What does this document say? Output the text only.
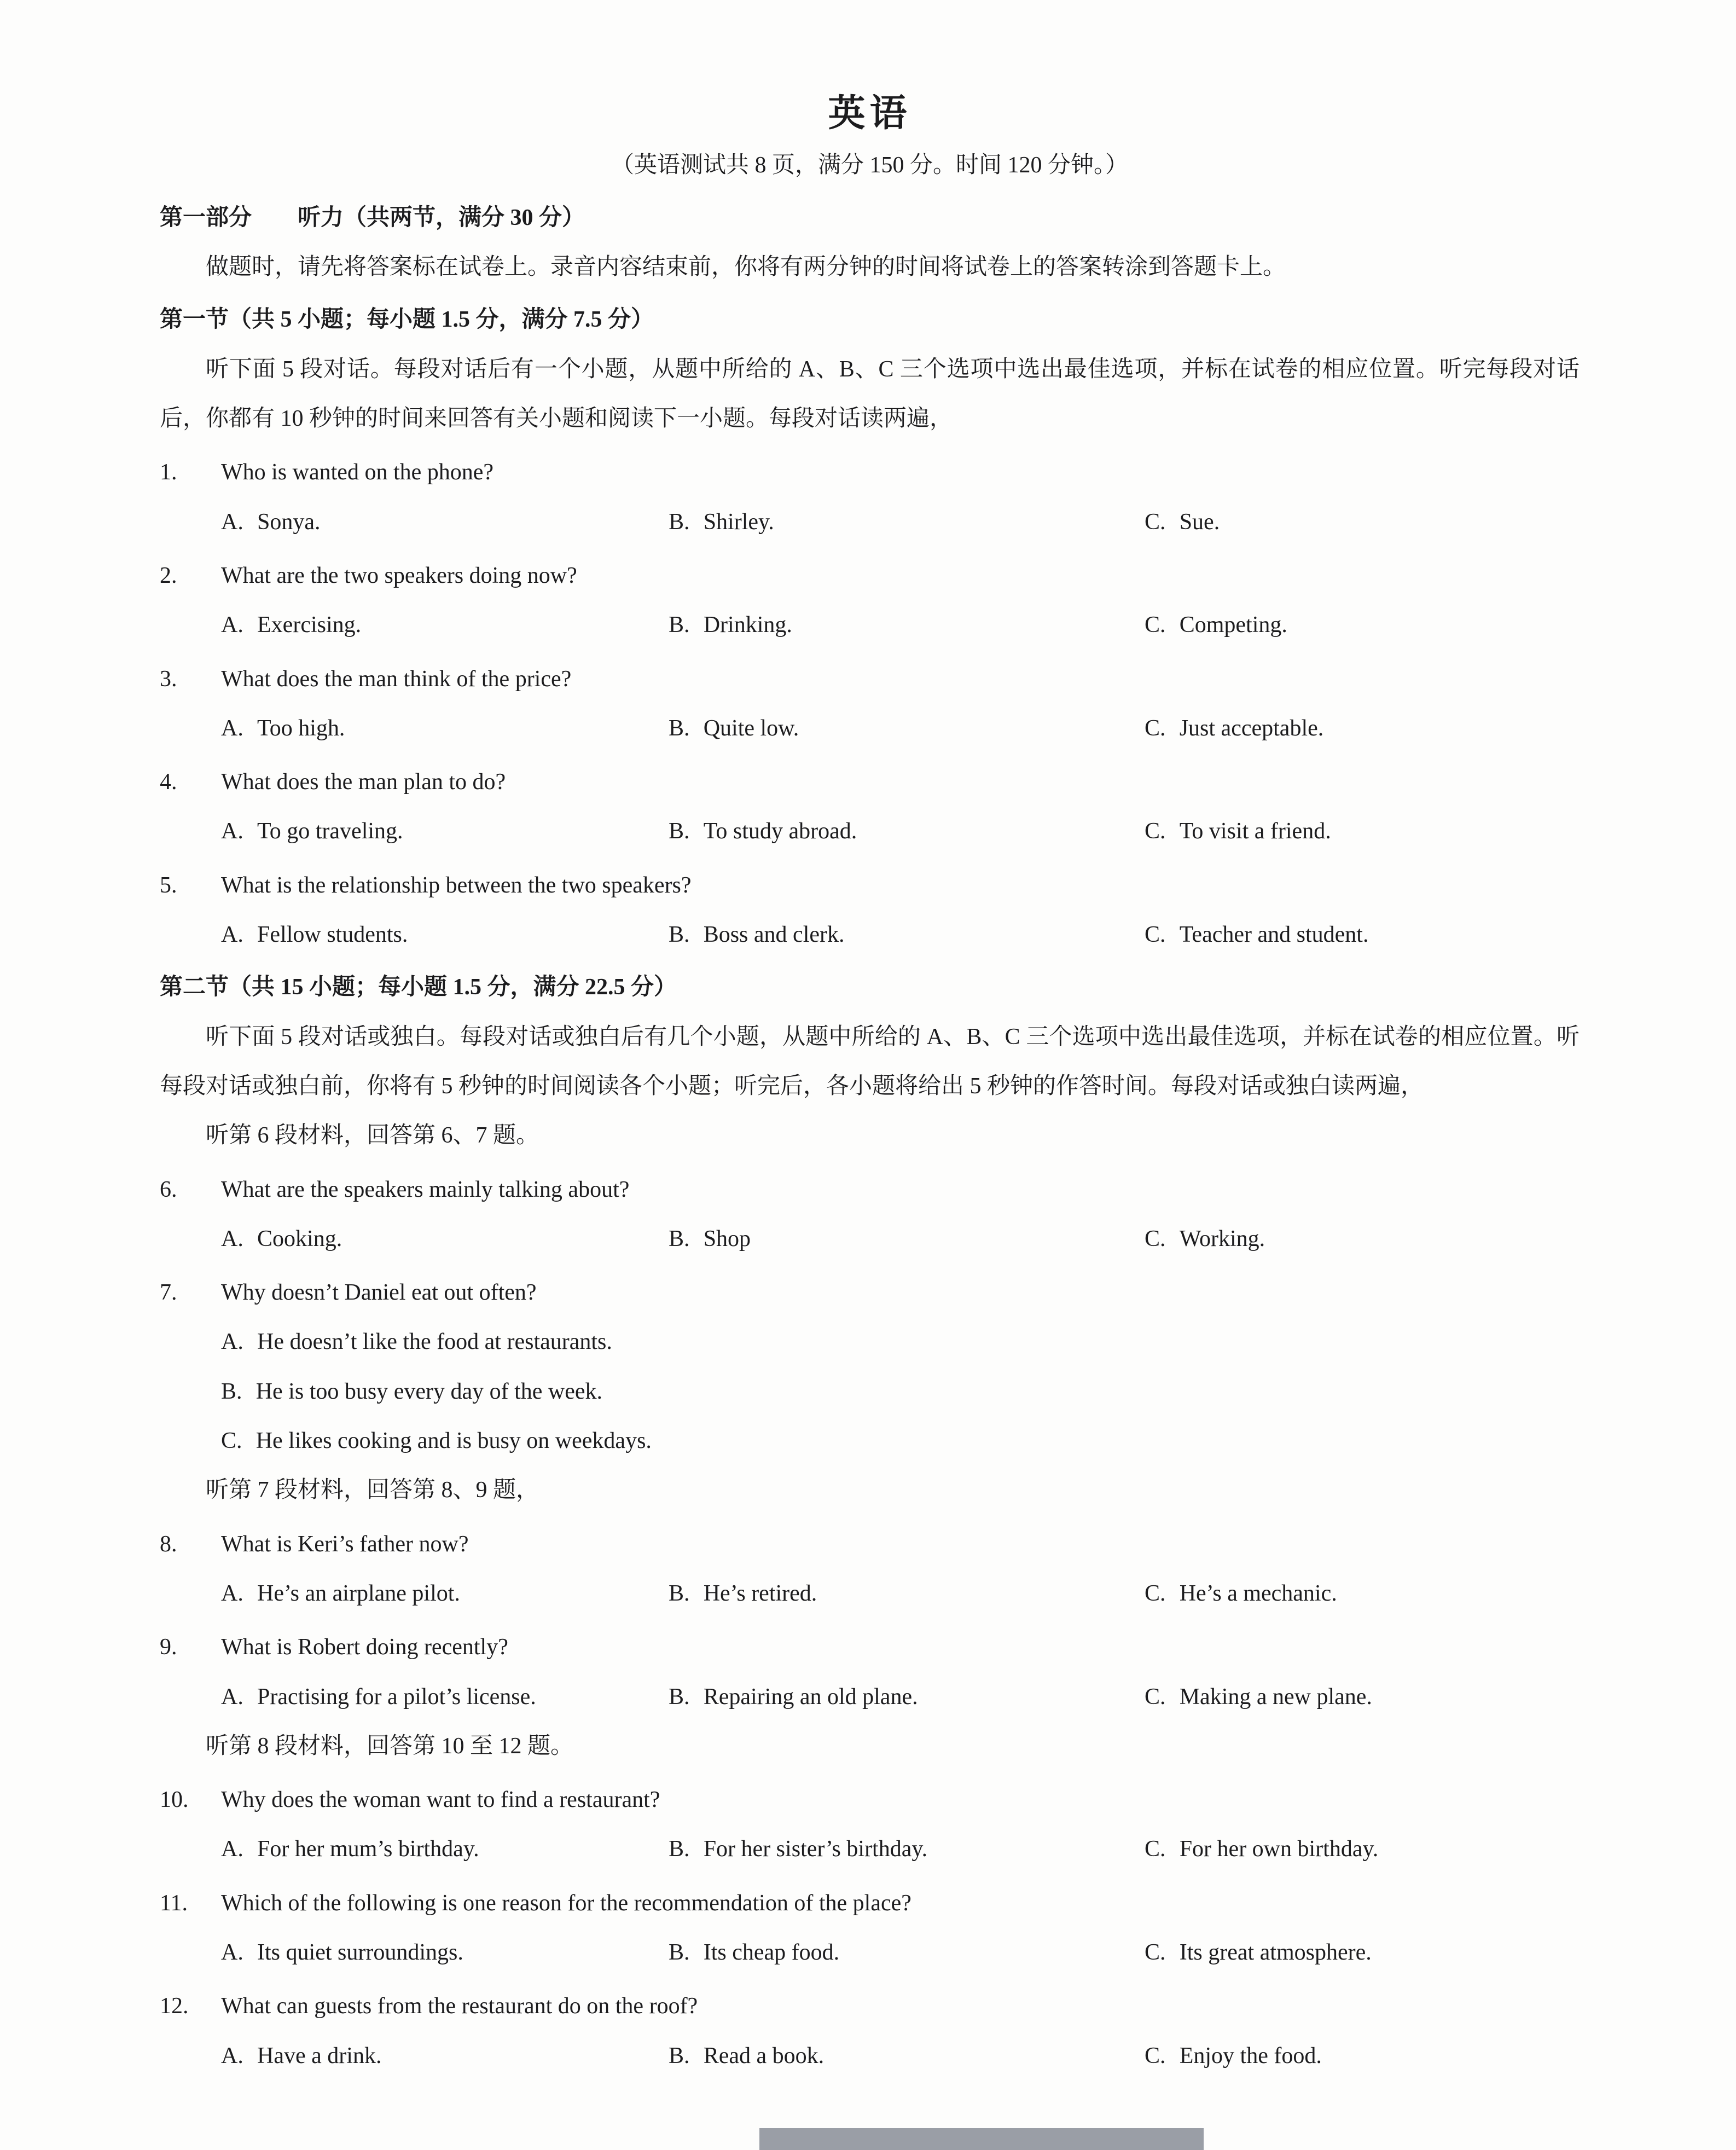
英语

（英语测试共 8 页，满分 150 分。时间 120 分钟。）

第一部分　　听力（共两节，满分 30 分）

做题时，请先将答案标在试卷上。录音内容结束前，你将有两分钟的时间将试卷上的答案转涂到答题卡上。

第一节（共 5 小题；每小题 1.5 分，满分 7.5 分）

听下面 5 段对话。每段对话后有一个小题，从题中所给的 A、B、C 三个选项中选出最佳选项，并标在试卷的相应位置。听完每段对话后，你都有 10 秒钟的时间来回答有关小题和阅读下一小题。每段对话读两遍，

1.	Who is wanted on the phone?
A. Sonya.	B. Shirley.	C. Sue.
2.	What are the two speakers doing now?
A. Exercising.	B. Drinking.	C. Competing.
3.	What does the man think of the price?
A. Too high.	B. Quite low.	C. Just acceptable.
4.	What does the man plan to do?
A. To go traveling.	B. To study abroad.	C. To visit a friend.
5.	What is the relationship between the two speakers?
A. Fellow students.	B. Boss and clerk.	C. Teacher and student.

第二节（共 15 小题；每小题 1.5 分，满分 22.5 分）

听下面 5 段对话或独白。每段对话或独白后有几个小题，从题中所给的 A、B、C 三个选项中选出最佳选项，并标在试卷的相应位置。听每段对话或独白前，你将有 5 秒钟的时间阅读各个小题；听完后，各小题将给出 5 秒钟的作答时间。每段对话或独白读两遍，

听第 6 段材料，回答第 6、7 题。

6.	What are the speakers mainly talking about?
A. Cooking.	B. Shop	C. Working.
7.	Why doesn’t Daniel eat out often?
A. He doesn’t like the food at restaurants.
B. He is too busy every day of the week.
C. He likes cooking and is busy on weekdays.

听第 7 段材料，回答第 8、9 题，

8.	What is Keri’s father now?
A. He’s an airplane pilot.	B. He’s retired.	C. He’s a mechanic.
9.	What is Robert doing recently?
A. Practising for a pilot’s license.	B. Repairing an old plane.	C. Making a new plane.

听第 8 段材料，回答第 10 至 12 题。

10.	Why does the woman want to find a restaurant?
A. For her mum’s birthday.	B. For her sister’s birthday.	C. For her own birthday.
11.	Which of the following is one reason for the recommendation of the place?
A. Its quiet surroundings.	B. Its cheap food.	C. Its great atmosphere.
12.	What can guests from the restaurant do on the roof?
A. Have a drink.	B. Read a book.	C. Enjoy the food.
